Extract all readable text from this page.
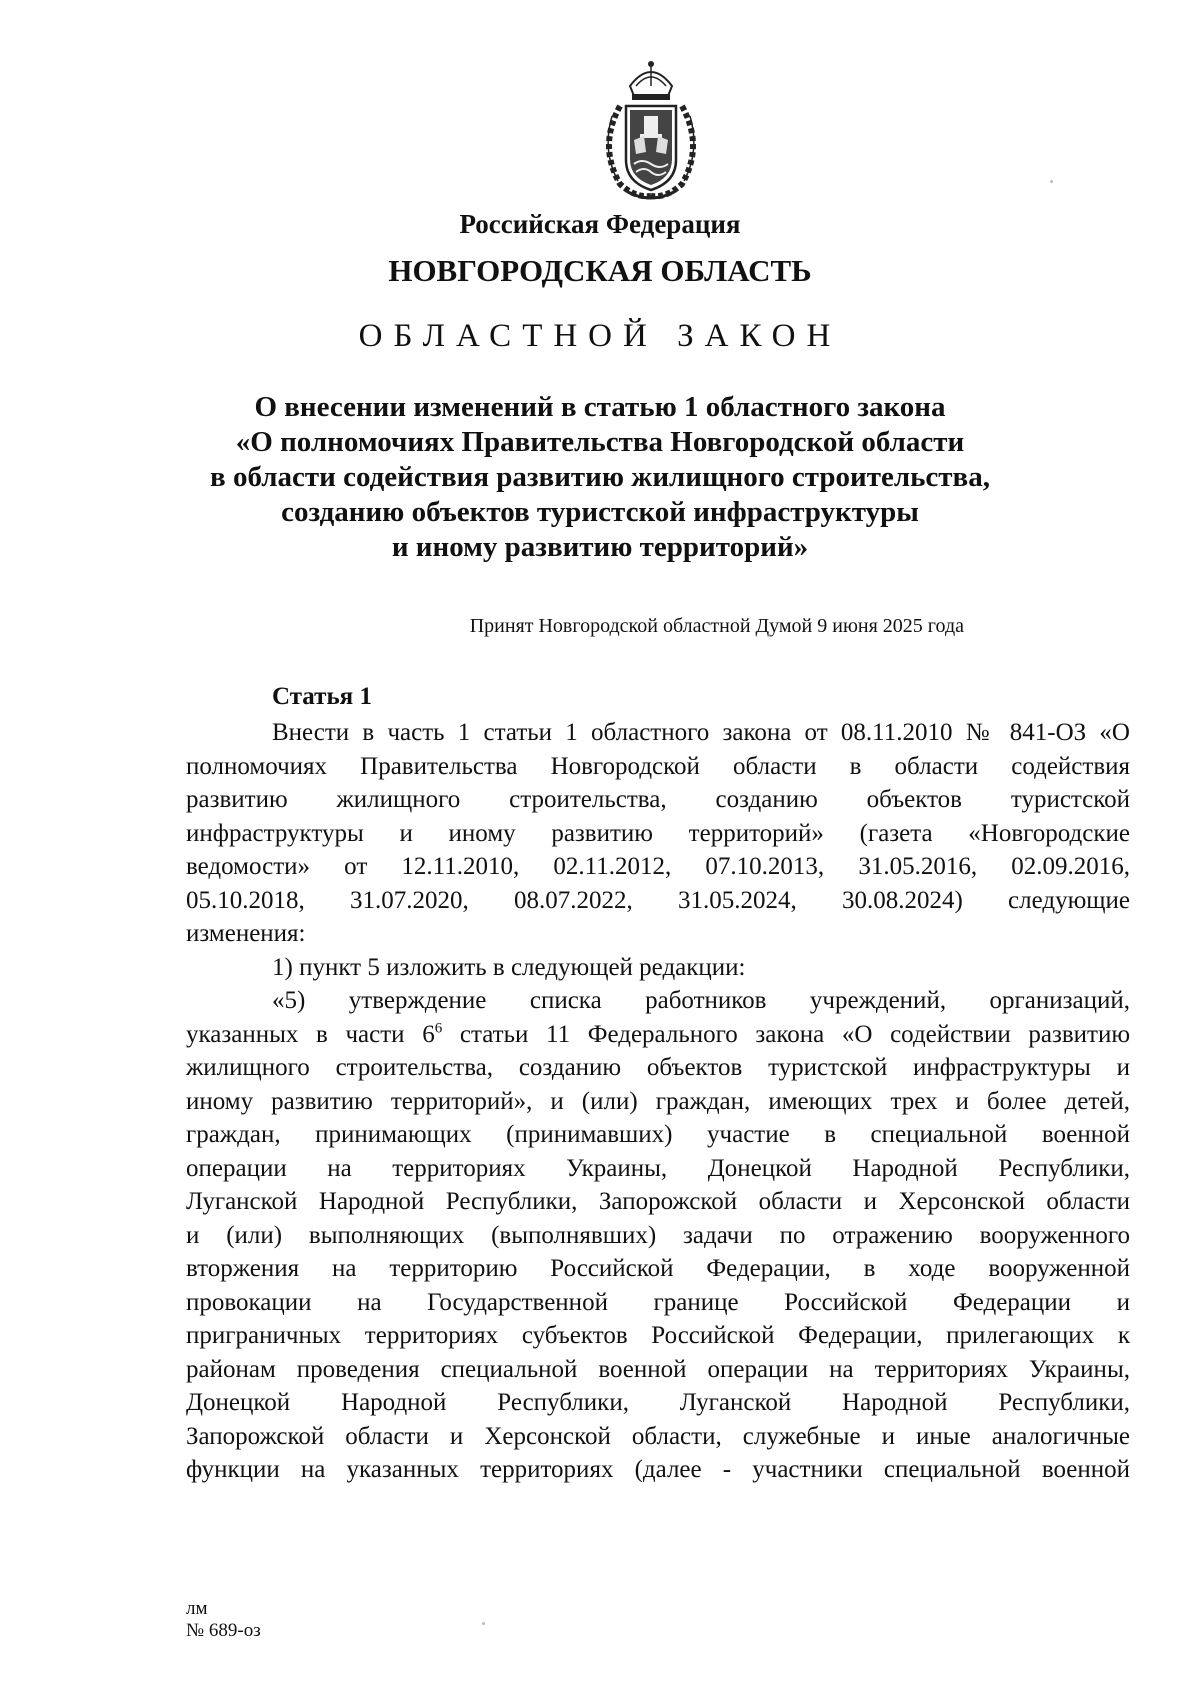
Российская Федерация
НОВГОРОДСКАЯ ОБЛАСТЬ
ОБЛАСТНОЙ ЗАКОН
О внесении изменений в статью 1 областного закона
«О полномочиях Правительства Новгородской области
в области содействия развитию жилищного строительства,
созданию объектов туристской инфраструктуры
и иному развитию территорий»
Принят Новгородской областной Думой 9 июня 2025 года
Статья 1
Внести в часть 1 статьи 1 областного закона от 08.11.2010 № 841-ОЗ «О
полномочиях Правительства Новгородской области в области содействия
развитию жилищного строительства, созданию объектов туристской
инфраструктуры и иному развитию территорий» (газета «Новгородские
ведомости» от 12.11.2010, 02.11.2012, 07.10.2013, 31.05.2016, 02.09.2016,
05.10.2018, 31.07.2020, 08.07.2022, 31.05.2024, 30.08.2024) следующие
изменения:
1) пункт 5 изложить в следующей редакции:
«5) утверждение списка работников учреждений, организаций,
указанных в части $6^6$ статьи 11 Федерального закона «О содействии развитию
жилищного строительства, созданию объектов туристской инфраструктуры и
иному развитию территорий», и (или) граждан, имеющих трех и более детей,
граждан, принимающих (принимавших) участие в специальной военной
операции на территориях Украины, Донецкой Народной Республики,
Луганской Народной Республики, Запорожской области и Херсонской области
и (или) выполняющих (выполнявших) задачи по отражению вооруженного
вторжения на территорию Российской Федерации, в ходе вооруженной
провокации на Государственной границе Российской Федерации и
приграничных территориях субъектов Российской Федерации, прилегающих к
районам проведения специальной военной операции на территориях Украины,
Донецкой Народной Республики, Луганской Народной Республики,
Запорожской области и Херсонской области, служебные и иные аналогичные
функции на указанных территориях (далее - участники специальной военной
лм
№ 689-оз
